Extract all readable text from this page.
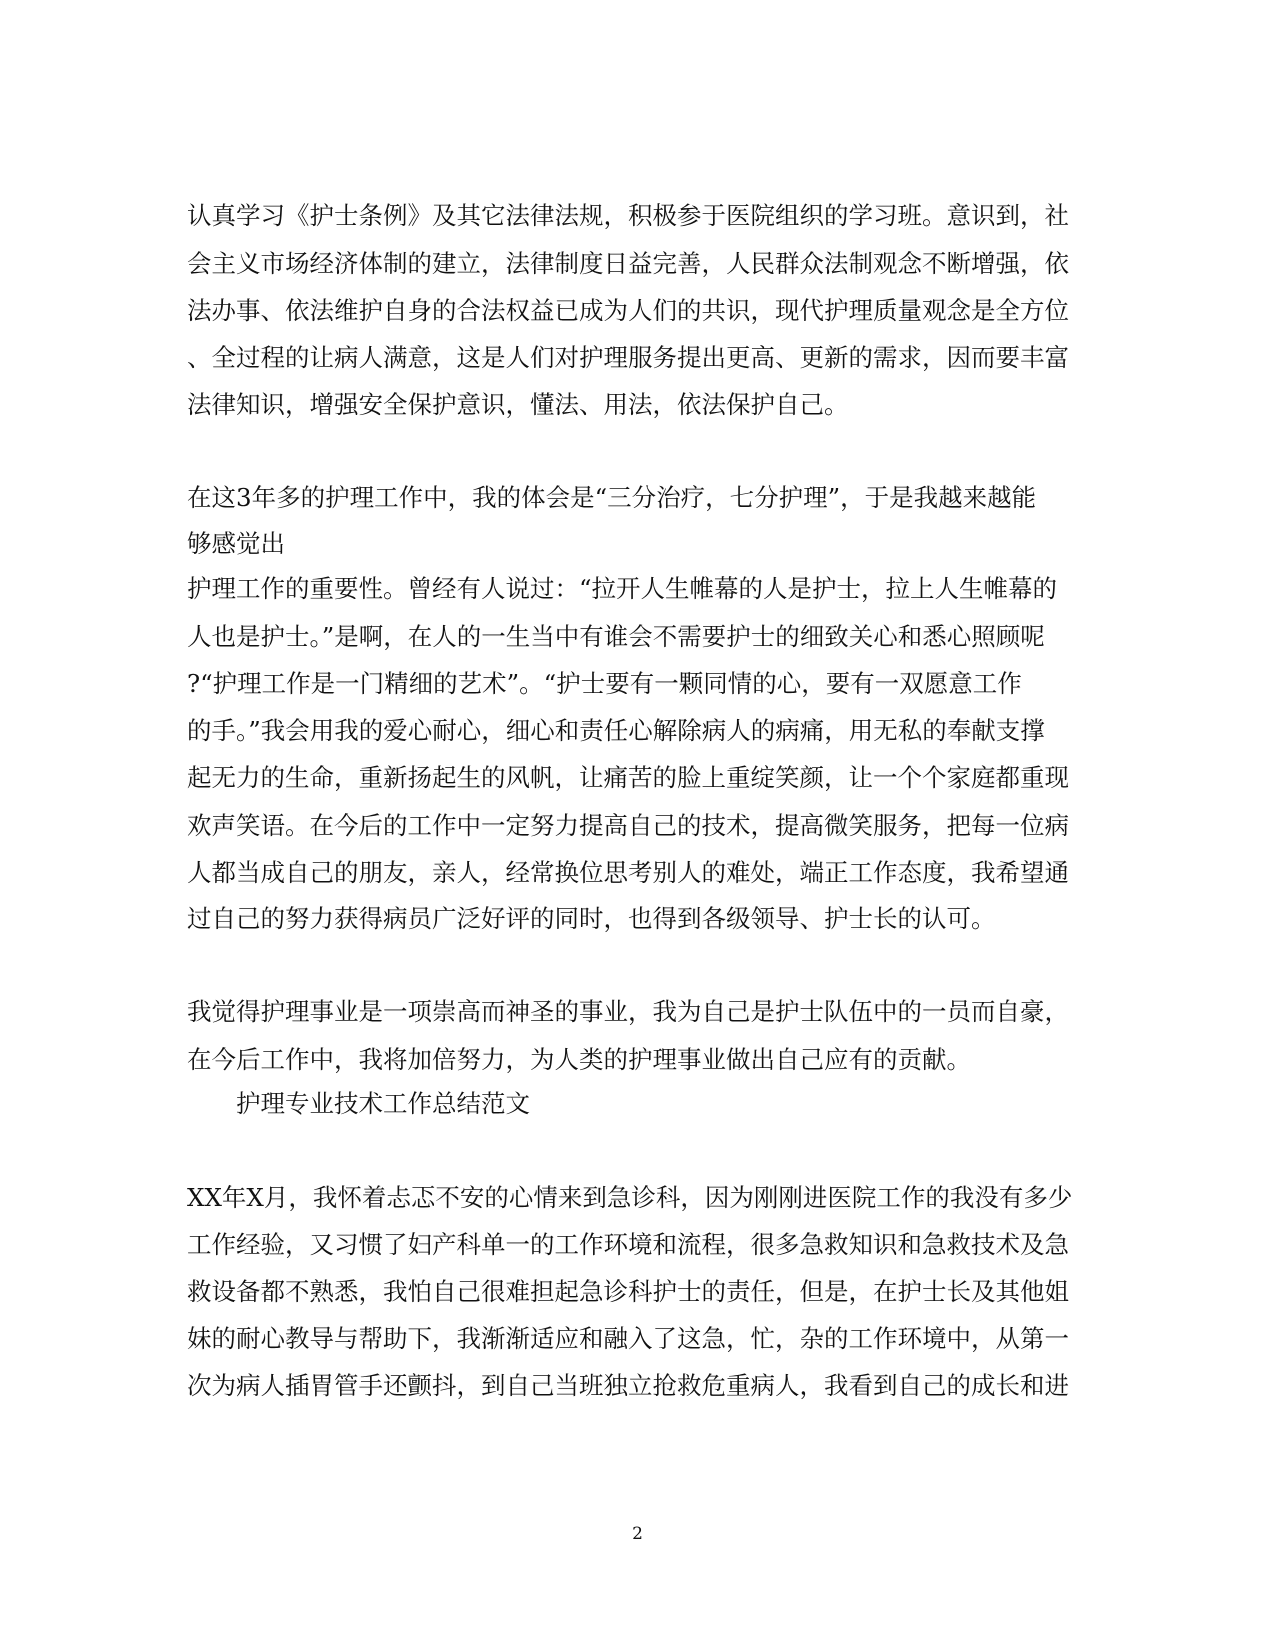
认真学习《护士条例》及其它法律法规，积极参于医院组织的学习班。意识到，社

会主义市场经济体制的建立，法律制度日益完善，人民群众法制观念不断增强，依

法办事、依法维护自身的合法权益已成为人们的共识，现代护理质量观念是全方位

、全过程的让病人满意，这是人们对护理服务提出更高、更新的需求，因而要丰富

法律知识，增强安全保护意识，懂法、用法，依法保护自己。

在这3年多的护理工作中，我的体会是“三分治疗，七分护理”，于是我越来越能

够感觉出

护理工作的重要性。曾经有人说过：“拉开人生帷幕的人是护士，拉上人生帷幕的

人也是护士。”是啊，在人的一生当中有谁会不需要护士的细致关心和悉心照顾呢

?“护理工作是一门精细的艺术”。“护士要有一颗同情的心，要有一双愿意工作

的手。”我会用我的爱心耐心，细心和责任心解除病人的病痛，用无私的奉献支撑

起无力的生命，重新扬起生的风帆，让痛苦的脸上重绽笑颜，让一个个家庭都重现

欢声笑语。在今后的工作中一定努力提高自己的技术，提高微笑服务，把每一位病

人都当成自己的朋友，亲人，经常换位思考别人的难处，端正工作态度，我希望通

过自己的努力获得病员广泛好评的同时，也得到各级领导、护士长的认可。

我觉得护理事业是一项崇高而神圣的事业，我为自己是护士队伍中的一员而自豪，

在今后工作中，我将加倍努力，为人类的护理事业做出自己应有的贡献。

护理专业技术工作总结范文

XX年X月，我怀着忐忑不安的心情来到急诊科，因为刚刚进医院工作的我没有多少

工作经验，又习惯了妇产科单一的工作环境和流程，很多急救知识和急救技术及急

救设备都不熟悉，我怕自己很难担起急诊科护士的责任，但是，在护士长及其他姐

妹的耐心教导与帮助下，我渐渐适应和融入了这急，忙，杂的工作环境中，从第一

次为病人插胃管手还颤抖，到自己当班独立抢救危重病人，我看到自己的成长和进

2
